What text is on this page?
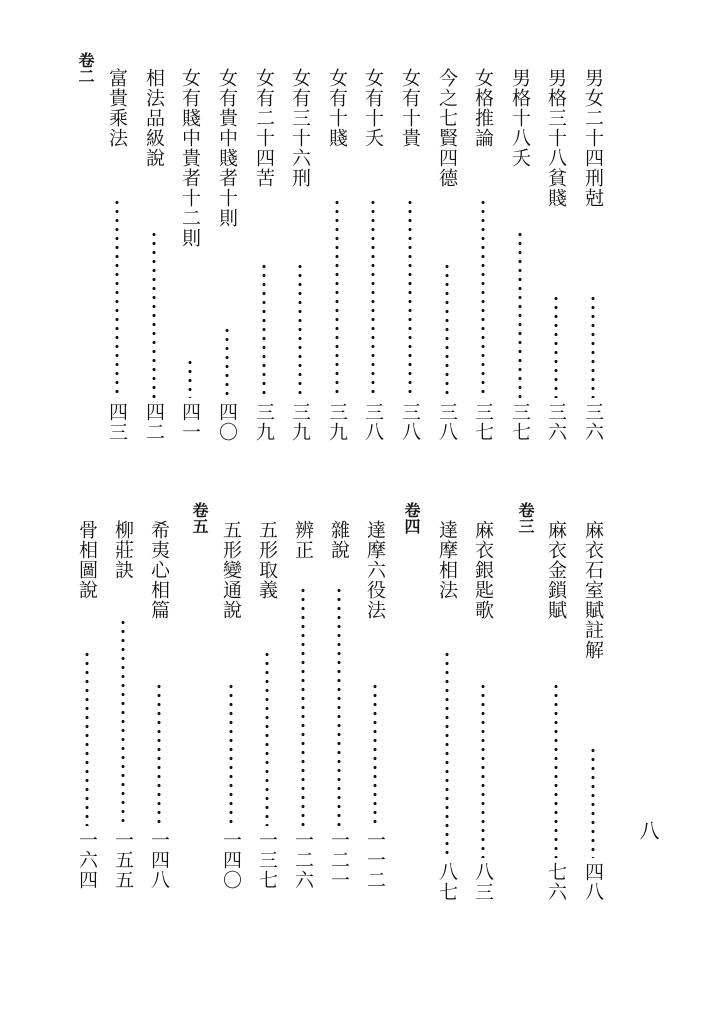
男女二十四刑尅
三六
男格三十八貧賤
三六
男格十八夭
三七
女格推論
三七
今之七賢四德
三八
女有十貴
三八
女有十夭
三八
女有十賤
三九
女有三十六刑
三九
女有二十四苦
三九
女有貴中賤者十則
四〇
女有賤中貴者十二則
四一
相法品級說
四二
富貴乘法
四三
卷二
麻衣石室賦註解
四八
麻衣金鎖賦
七六
卷三
麻衣銀匙歌
八三
達摩相法
八七
卷四
達摩六役法
一一二
雜說
一二一
辨正
一二六
五形取義
一三七
五形變通說
一四〇
卷五
希夷心相篇
一四八
柳莊訣
一五五
骨相圖說
一六四	八
